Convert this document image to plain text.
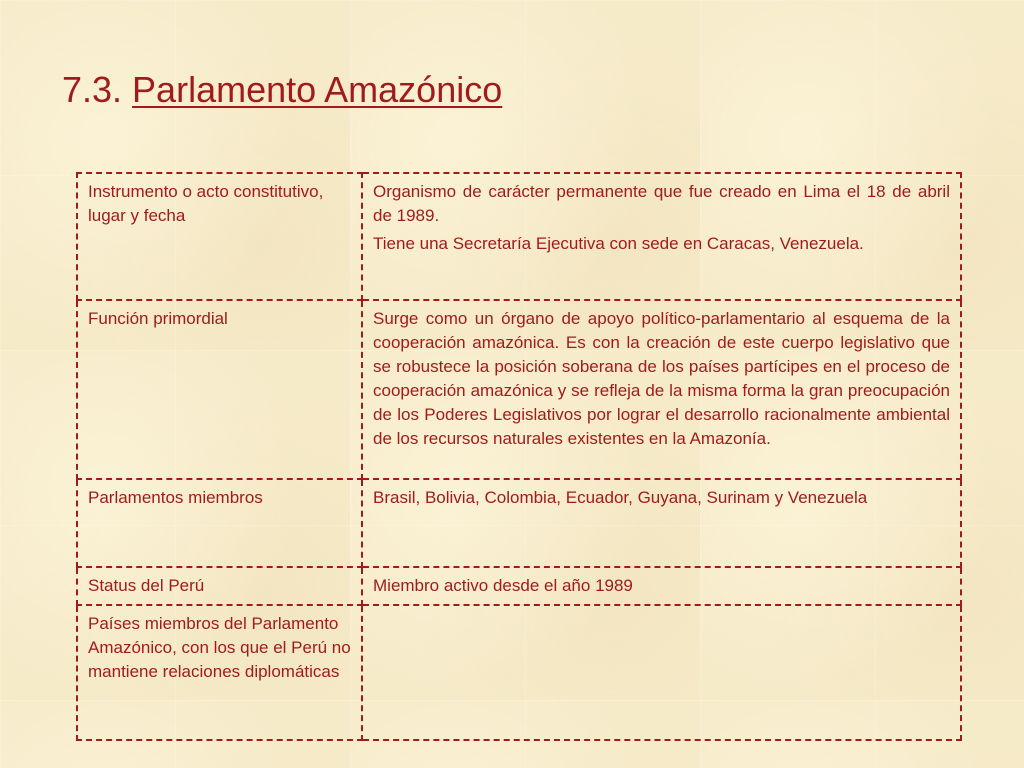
7.3. Parlamento Amazónico
Instrumento o acto constitutivo, lugar y fecha	Organismo de carácter permanente que fue creado en Lima el 18 de abril de 1989.

Tiene una Secretaría Ejecutiva con sede en Caracas, Venezuela.

Función primordial	Surge como un órgano de apoyo político-parlamentario al esquema de la cooperación amazónica. Es con la creación de este cuerpo legislativo que se robustece la posición soberana de los países partícipes en el proceso de cooperación amazónica y se refleja de la misma forma la gran preocupación de los Poderes Legislativos por lograr el desarrollo racionalmente ambiental de los recursos naturales existentes en la Amazonía.

Parlamentos miembros	Brasil, Bolivia, Colombia, Ecuador, Guyana, Surinam y Venezuela

Status del Perú	Miembro activo desde el año 1989

Países miembros del Parlamento Amazónico, con los que el Perú no mantiene relaciones diplomáticas	
